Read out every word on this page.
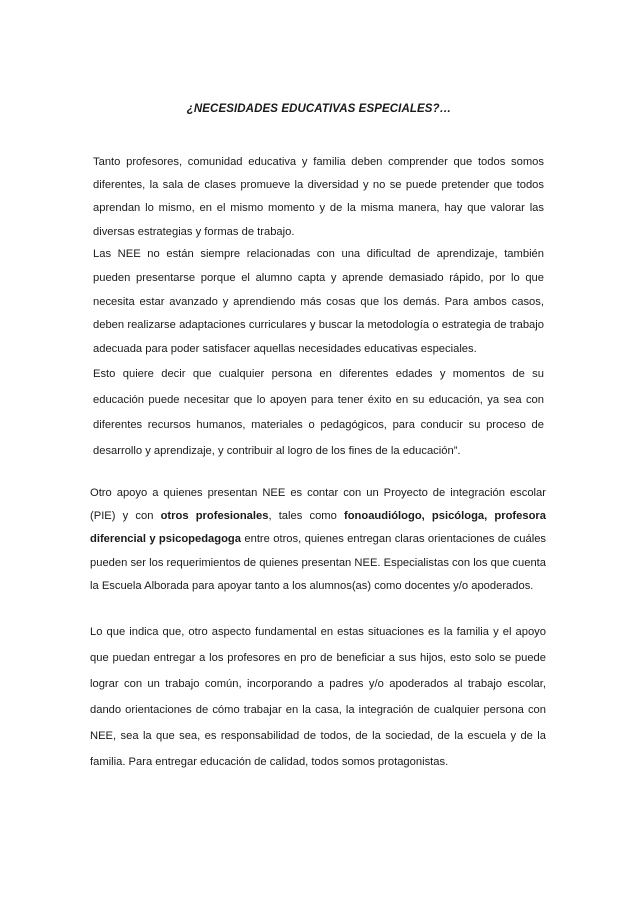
¿NECESIDADES EDUCATIVAS ESPECIALES?…

Tanto profesores, comunidad educativa y familia deben comprender que todos somos diferentes, la sala de clases promueve la diversidad y no se puede pretender que todos aprendan lo mismo, en el mismo momento y de la misma manera, hay que valorar las diversas estrategias y formas de trabajo.

Las NEE no están siempre relacionadas con una dificultad de aprendizaje, también pueden presentarse porque el alumno capta y aprende demasiado rápido, por lo que necesita estar avanzado y aprendiendo más cosas que los demás. Para ambos casos, deben realizarse adaptaciones curriculares y buscar la metodología o estrategia de trabajo adecuada para poder satisfacer aquellas necesidades educativas especiales.

Esto quiere decir que cualquier persona en diferentes edades y momentos de su educación puede necesitar que lo apoyen para tener éxito en su educación, ya sea con diferentes recursos humanos, materiales o pedagógicos, para conducir su proceso de desarrollo y aprendizaje, y contribuir al logro de los fines de la educación”.

Otro apoyo a quienes presentan NEE es contar con un Proyecto de integración escolar (PIE) y con otros profesionales, tales como fonoaudiólogo, psicóloga, profesora diferencial y psicopedagoga entre otros, quienes entregan claras orientaciones de cuáles pueden ser los requerimientos de quienes presentan NEE. Especialistas con los que cuenta la Escuela Alborada para apoyar tanto a los alumnos(as) como docentes y/o apoderados.

Lo que indica que, otro aspecto fundamental en estas situaciones es la familia y el apoyo que puedan entregar a los profesores en pro de beneficiar a sus hijos, esto solo se puede lograr con un trabajo común, incorporando a padres y/o apoderados al trabajo escolar, dando orientaciones de cómo trabajar en la casa, la integración de cualquier persona con NEE, sea la que sea, es responsabilidad de todos, de la sociedad, de la escuela y de la familia. Para entregar educación de calidad, todos somos protagonistas.
